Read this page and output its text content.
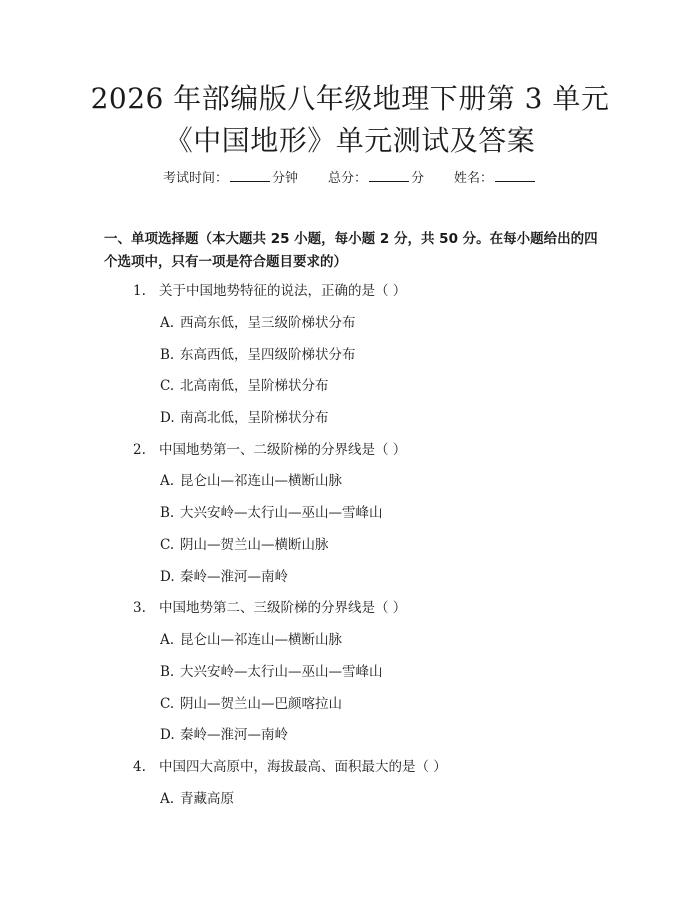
2026 年部编版八年级地理下册第 3 单元《中国地形》单元测试及答案
考试时间：	分钟 总分：	分 姓名：
一、单项选择题（本大题共 25 小题，每小题 2 分，共 50 分。在每小题给出的四个选项中，只有一项是符合题目要求的）
1. 关于中国地势特征的说法，正确的是（ ）
A. 西高东低，呈三级阶梯状分布
B. 东高西低，呈四级阶梯状分布
C. 北高南低，呈阶梯状分布
D. 南高北低，呈阶梯状分布
2. 中国地势第一、二级阶梯的分界线是（ ）
A. 昆仑山—祁连山—横断山脉
B. 大兴安岭—太行山—巫山—雪峰山
C. 阴山—贺兰山—横断山脉
D. 秦岭—淮河—南岭
3. 中国地势第二、三级阶梯的分界线是（ ）
A. 昆仑山—祁连山—横断山脉
B. 大兴安岭—太行山—巫山—雪峰山
C. 阴山—贺兰山—巴颜喀拉山
D. 秦岭—淮河—南岭
4. 中国四大高原中，海拔最高、面积最大的是（ ）
A. 青藏高原
